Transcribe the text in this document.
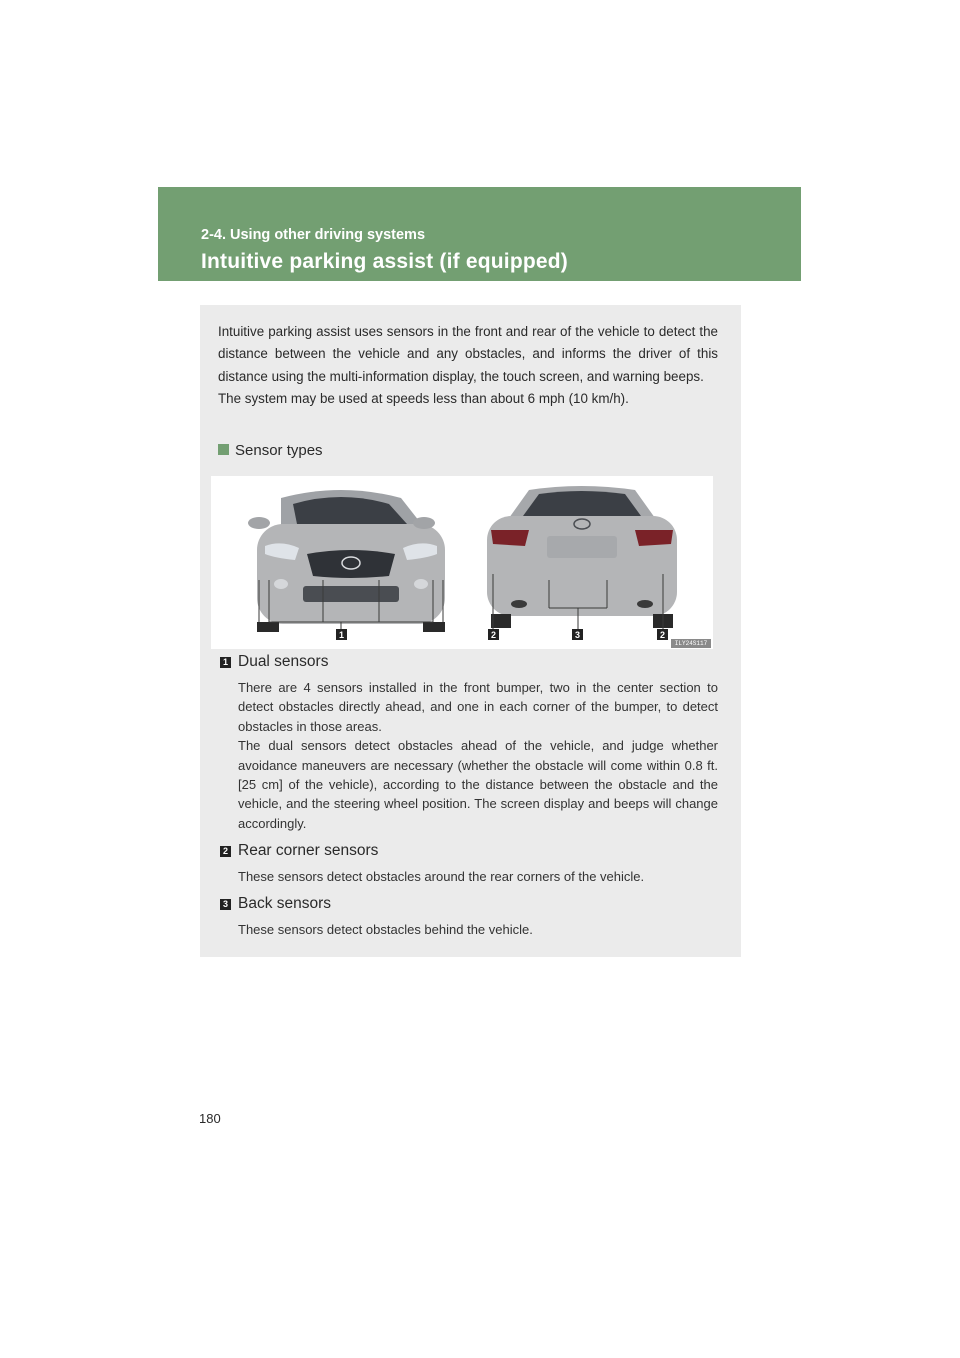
2-4. Using other driving systems
Intuitive parking assist (if equipped)

Intuitive parking assist uses sensors in the front and rear of the vehicle to detect the distance between the vehicle and any obstacles, and informs the driver of this distance using the multi-information display, the touch screen, and warning beeps.

The system may be used at speeds less than about 6 mph (10 km/h).

Sensor types
1	2	3	2
ILY24S117
1 Dual sensors

There are 4 sensors installed in the front bumper, two in the center section to detect obstacles directly ahead, and one in each corner of the bumper, to detect obstacles in those areas.

The dual sensors detect obstacles ahead of the vehicle, and judge whether avoidance maneuvers are necessary (whether the obstacle will come within 0.8 ft. [25 cm] of the vehicle), according to the distance between the obstacle and the vehicle, and the steering wheel position. The screen display and beeps will change accordingly.

2 Rear corner sensors

These sensors detect obstacles around the rear corners of the vehicle.

3 Back sensors

These sensors detect obstacles behind the vehicle.

180
